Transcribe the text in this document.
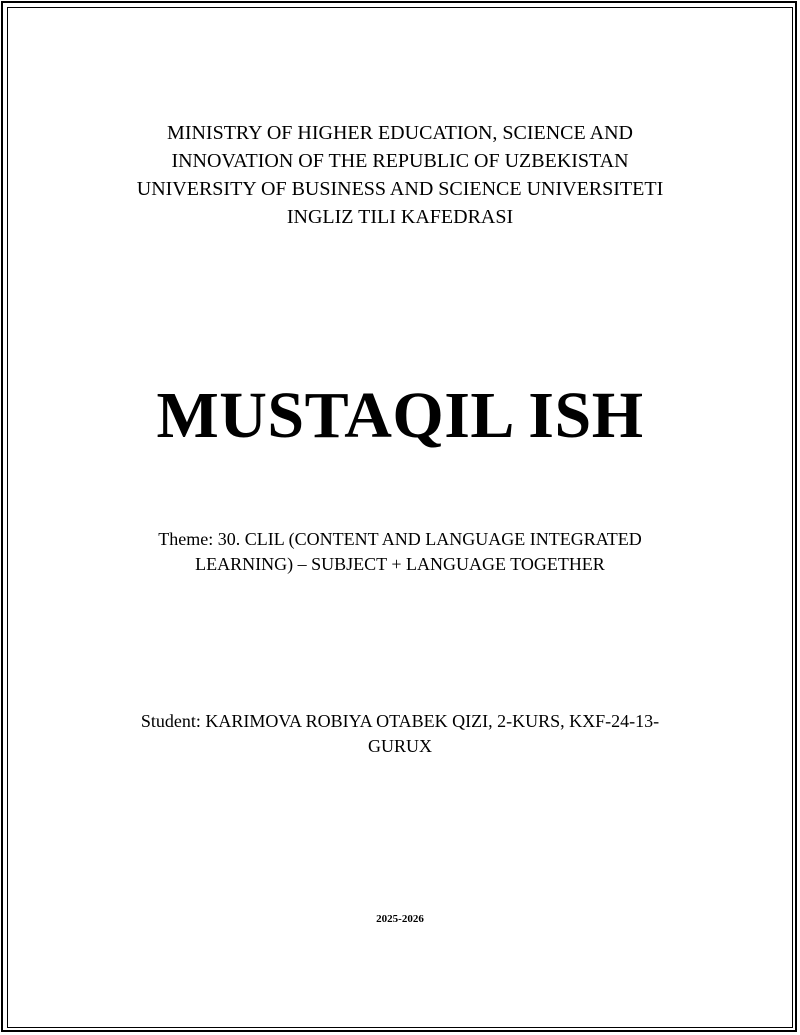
MINISTRY OF HIGHER EDUCATION, SCIENCE AND
INNOVATION OF THE REPUBLIC OF UZBEKISTAN
UNIVERSITY OF BUSINESS AND SCIENCE UNIVERSITETI
INGLIZ TILI KAFEDRASI
MUSTAQIL ISH
Theme: 30. CLIL (CONTENT AND LANGUAGE INTEGRATED
LEARNING) – SUBJECT + LANGUAGE TOGETHER
Student: KARIMOVA ROBIYA OTABEK QIZI, 2-KURS, KXF-24-13-
GURUX
2025-2026
